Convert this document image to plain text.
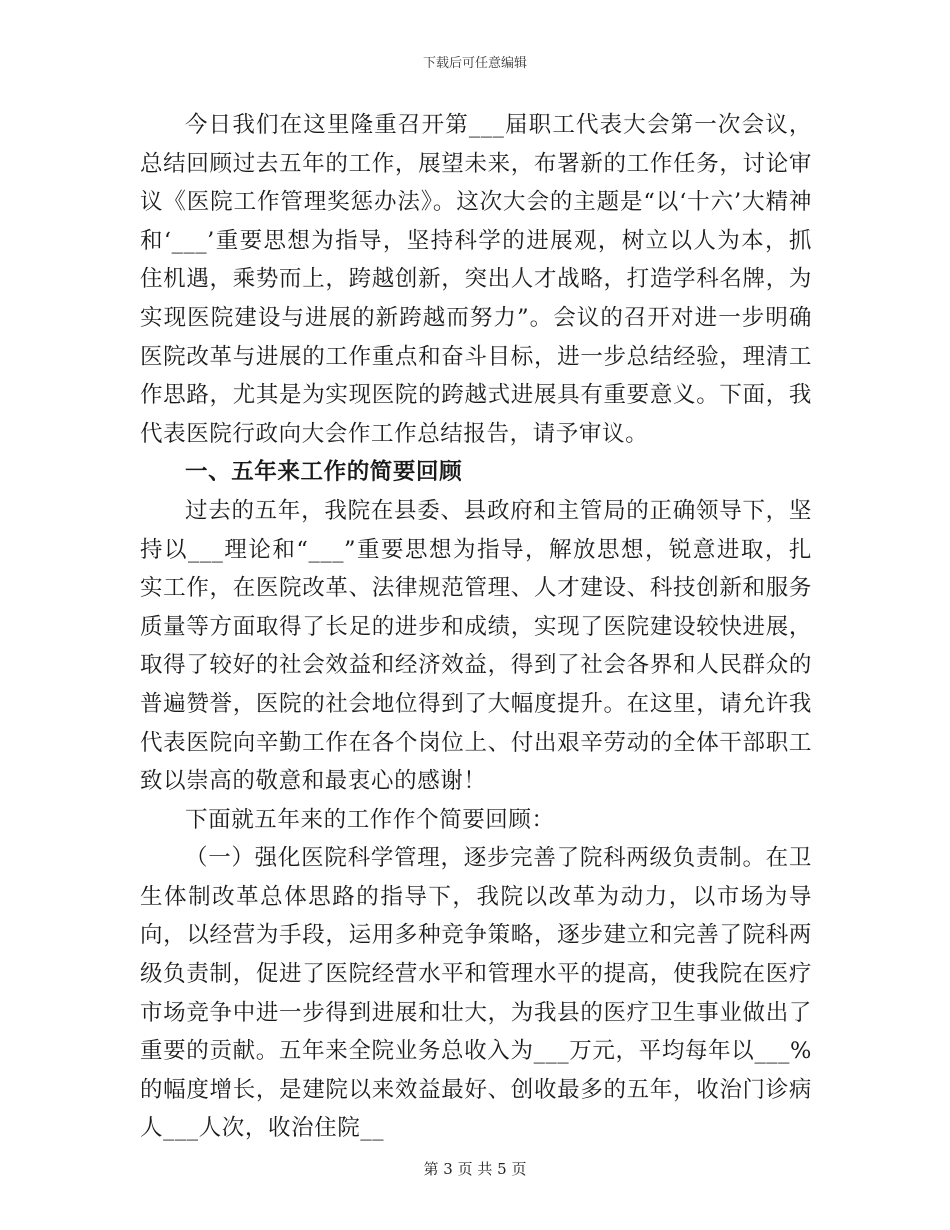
下载后可任意编辑

今日我们在这里隆重召开第___届职工代表大会第一次会议，总结回顾过去五年的工作，展望未来，布署新的工作任务，讨论审议《医院工作管理奖惩办法》。这次大会的主题是“以‘十六’大精神和‘___’重要思想为指导，坚持科学的进展观，树立以人为本，抓住机遇，乘势而上，跨越创新，突出人才战略，打造学科名牌，为实现医院建设与进展的新跨越而努力”。会议的召开对进一步明确医院改革与进展的工作重点和奋斗目标，进一步总结经验，理清工作思路，尤其是为实现医院的跨越式进展具有重要意义。下面，我代表医院行政向大会作工作总结报告，请予审议。

一、五年来工作的简要回顾

过去的五年，我院在县委、县政府和主管局的正确领导下，坚持以___理论和“___”重要思想为指导，解放思想，锐意进取，扎实工作，在医院改革、法律规范管理、人才建设、科技创新和服务质量等方面取得了长足的进步和成绩，实现了医院建设较快进展，取得了较好的社会效益和经济效益，得到了社会各界和人民群众的普遍赞誉，医院的社会地位得到了大幅度提升。在这里，请允许我代表医院向辛勤工作在各个岗位上、付出艰辛劳动的全体干部职工致以崇高的敬意和最衷心的感谢！

下面就五年来的工作作个简要回顾：

（一）强化医院科学管理，逐步完善了院科两级负责制。在卫生体制改革总体思路的指导下，我院以改革为动力，以市场为导向，以经营为手段，运用多种竞争策略，逐步建立和完善了院科两级负责制，促进了医院经营水平和管理水平的提高，使我院在医疗市场竞争中进一步得到进展和壮大，为我县的医疗卫生事业做出了重要的贡献。五年来全院业务总收入为___万元，平均每年以___%的幅度增长，是建院以来效益最好、创收最多的五年，收治门诊病人___人次，收治住院__

第 3 页 共 5 页
